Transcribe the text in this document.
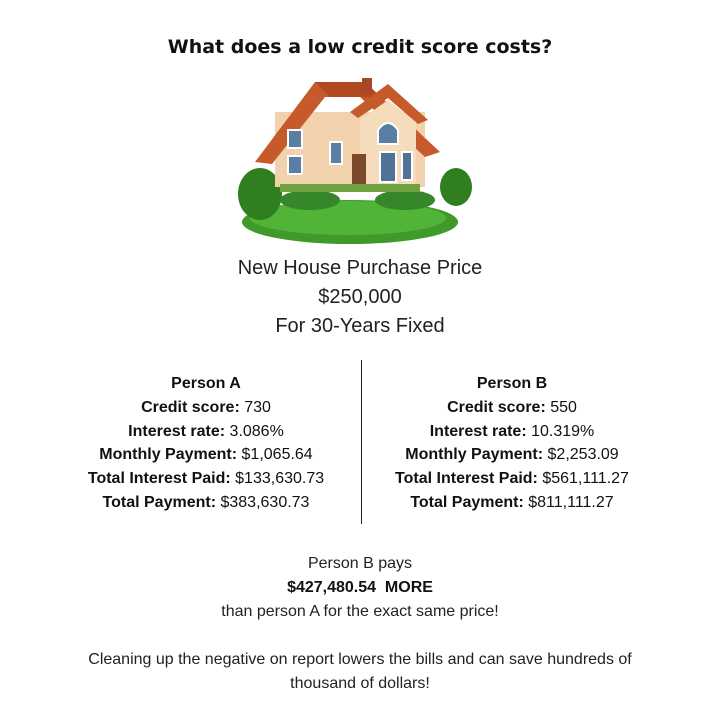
What does a low credit score costs?
New House Purchase Price
$250,000
For 30-Years Fixed
Person A
Credit score: 730
Interest rate: 3.086%
Monthly Payment: $1,065.64
Total Interest Paid: $133,630.73
Total Payment: $383,630.73
Person B
Credit score: 550
Interest rate: 10.319%
Monthly Payment: $2,253.09
Total Interest Paid: $561,111.27
Total Payment: $811,111.27
Person B pays
$427,480.54  MORE
than person A for the exact same price!
Cleaning up the negative on report lowers the bills and can save hundreds of thousand of dollars!
